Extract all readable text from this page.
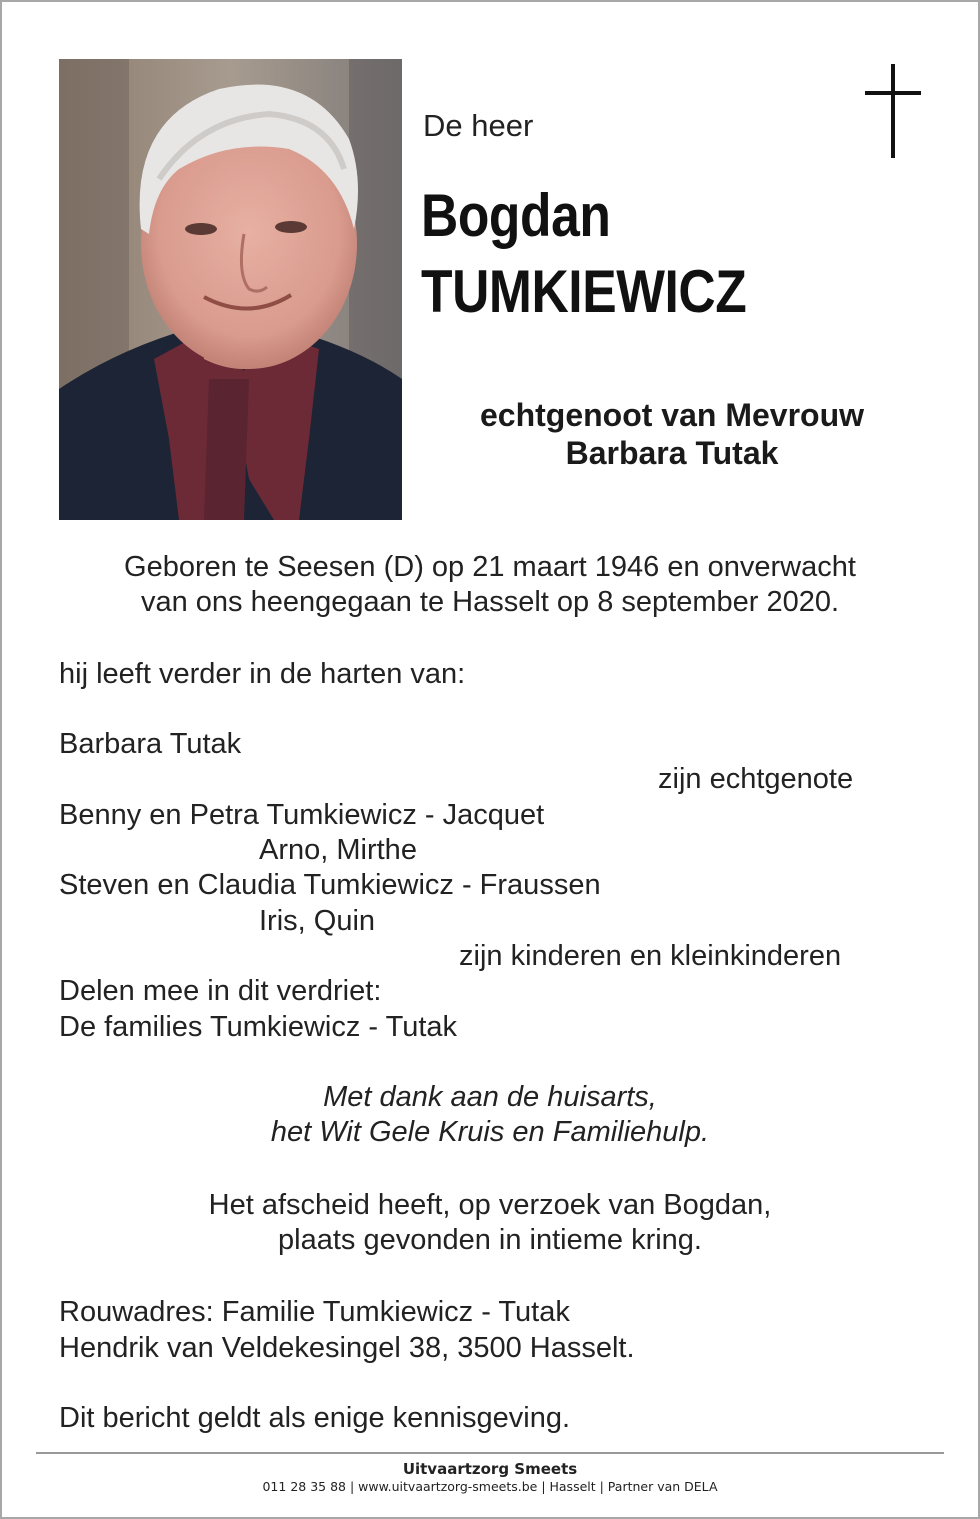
De heer
Bogdan
TUMKIEWICZ
echtgenoot van Mevrouw
Barbara Tutak
Geboren te Seesen (D) op 21 maart 1946 en onverwacht
van ons heengegaan te Hasselt op 8 september 2020.
hij leeft verder in de harten van:
Barbara Tutak
zijn echtgenote
Benny en Petra Tumkiewicz - Jacquet
Arno, Mirthe
Steven en Claudia Tumkiewicz - Fraussen
Iris, Quin
zijn kinderen en kleinkinderen
Delen mee in dit verdriet:
De families Tumkiewicz - Tutak
Met dank aan de huisarts,
het Wit Gele Kruis en Familiehulp.
Het afscheid heeft, op verzoek van Bogdan,
plaats gevonden in intieme kring.
Rouwadres: Familie Tumkiewicz - Tutak
Hendrik van Veldekesingel 38, 3500 Hasselt.
Dit bericht geldt als enige kennisgeving.
Uitvaartzorg Smeets
011 28 35 88 | www.uitvaartzorg-smeets.be | Hasselt | Partner van DELA
